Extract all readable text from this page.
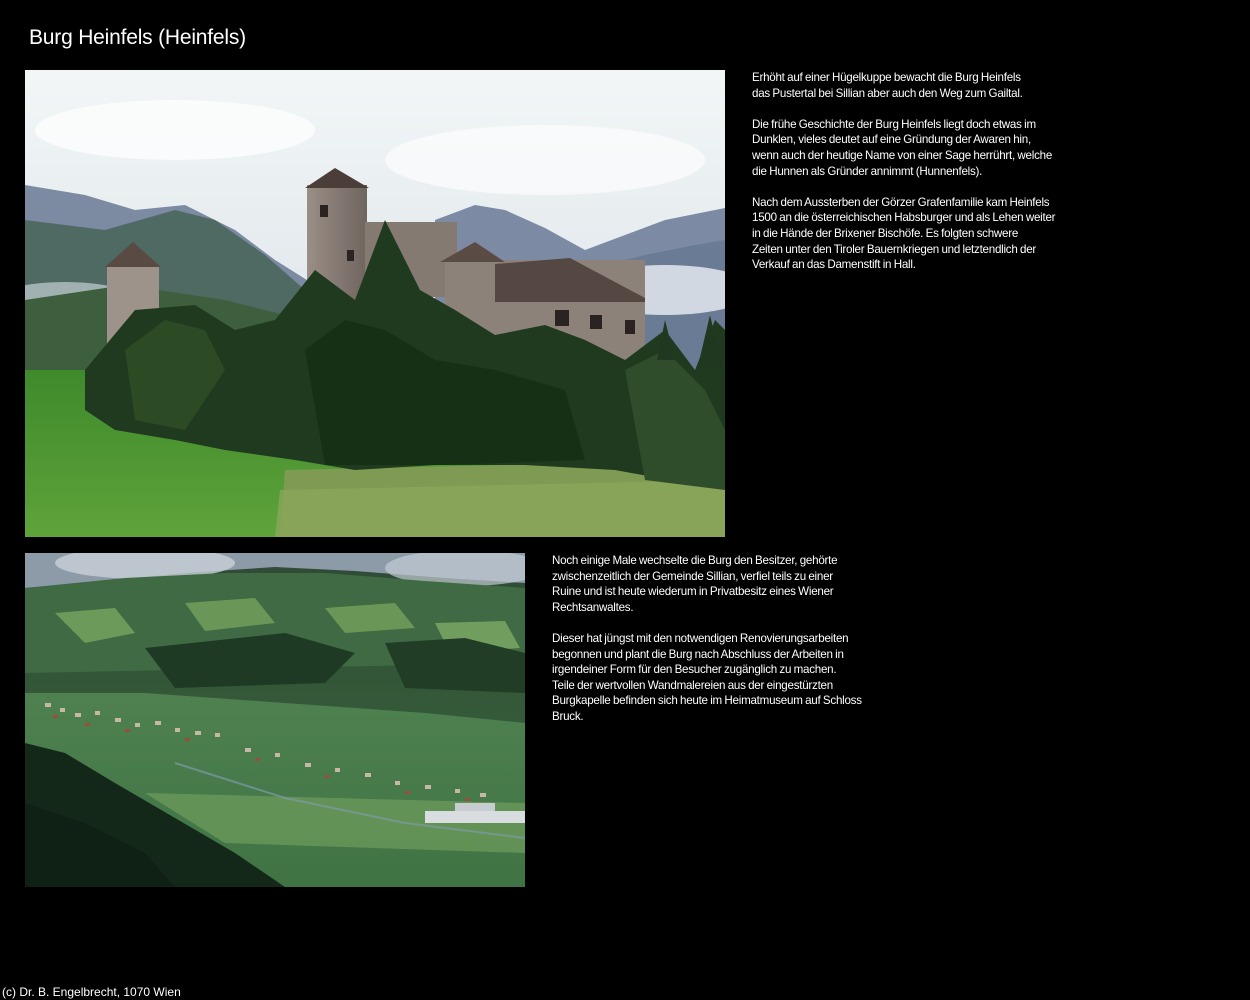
Burg Heinfels (Heinfels)

Erhöht auf einer Hügelkuppe bewacht die Burg Heinfels
das Pustertal bei Sillian aber auch den Weg zum Gailtal.

Die frühe Geschichte der Burg Heinfels liegt doch etwas im
Dunklen, vieles deutet auf eine Gründung der Awaren hin,
wenn auch der heutige Name von einer Sage herrührt, welche
die Hunnen als Gründer annimmt (Hunnenfels).

Nach dem Aussterben der Görzer Grafenfamilie kam Heinfels
1500 an die österreichischen Habsburger und als Lehen weiter
in die Hände der Brixener Bischöfe. Es folgten schwere
Zeiten unter den Tiroler Bauernkriegen und letztendlich der
Verkauf an das Damenstift in Hall.

Noch einige Male wechselte die Burg den Besitzer, gehörte
zwischenzeitlich der Gemeinde Sillian, verfiel teils zu einer
Ruine und ist heute wiederum in Privatbesitz eines Wiener
Rechtsanwaltes.

Dieser hat jüngst mit den notwendigen Renovierungsarbeiten
begonnen und plant die Burg nach Abschluss der Arbeiten in
irgendeiner Form für den Besucher zugänglich zu machen.
Teile der wertvollen Wandmalereien aus der eingestürzten
Burgkapelle befinden sich heute im Heimatmuseum auf Schloss
Bruck.

(c) Dr. B. Engelbrecht, 1070 Wien
